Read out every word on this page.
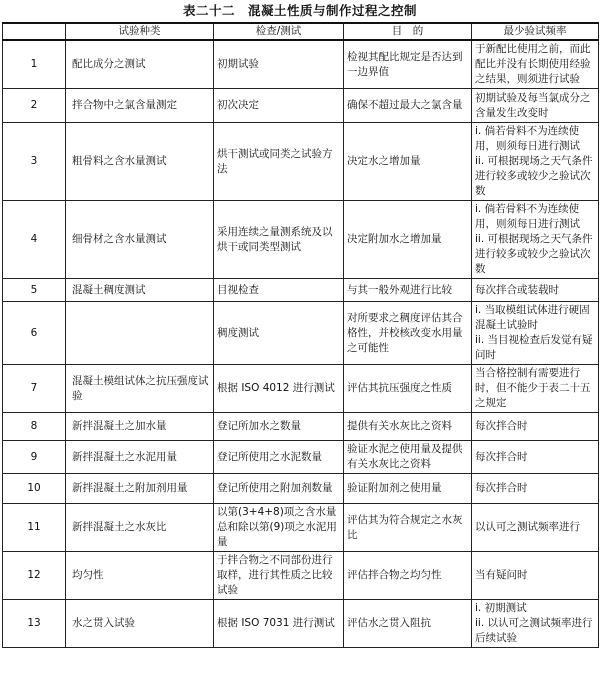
表二十二　混凝土性质与制作过程之控制
	试验种类	检查/测试	目　的	最少验试频率
1	配比成分之测试	初期试验	检视其配比规定是否达到一边界值	于新配比使用之前，而此配比并没有长期使用经验之结果，则须进行试验

2	拌合物中之氯含量测定	初次决定	确保不超过最大之氯含量	初期试验及每当氯成分之含量发生改变时

3	粗骨料之含水量测试	烘干测试或同类之试验方法	决定水之增加量	i. 倘若骨料不为连续使用，则须每日进行测试
ii. 可根据现场之天气条件进行较多或较少之验试次数

4	细骨材之含水量测试	采用连续之量测系统及以烘干或同类型测试	决定附加水之增加量	i. 倘若骨料不为连续使用，则须每日进行测试
ii. 可根据现场之天气条件进行较多或较少之验试次数

5	混凝土稠度测试	目视检查	与其一般外观进行比较	每次拌合或装载时

6		稠度测试	对所要求之稠度评估其合格性，并校核改变水用量之可能性	i. 当取模组试体进行硬固混凝土试验时
ii. 当目视检查后发觉有疑问时

7	混凝土模组试体之抗压强度试验	根据 ISO 4012 进行测试	评估其抗压强度之性质	当合格控制有需要进行时，但不能少于表二十五之规定

8	新拌混凝土之加水量	登记所加水之数量	提供有关水灰比之资料	每次拌合时

9	新拌混凝土之水泥用量	登记所使用之水泥数量	验证水泥之使用量及提供有关水灰比之资料	每次拌合时

10	新拌混凝土之附加剂用量	登记所使用之附加剂数量	验证附加剂之使用量	每次拌合时

11	新拌混凝土之水灰比	以第(3+4+8)项之含水量总和除以第(9)项之水泥用量	评估其为符合规定之水灰比	以认可之测试频率进行

12	均匀性	于拌合物之不同部份进行取样，进行其性质之比较试验	评估拌合物之均匀性	当有疑问时

13	水之贯入试验	根据 ISO 7031 进行测试	评估水之贯入阻抗	i. 初期测试
ii. 以认可之测试频率进行后续试验
